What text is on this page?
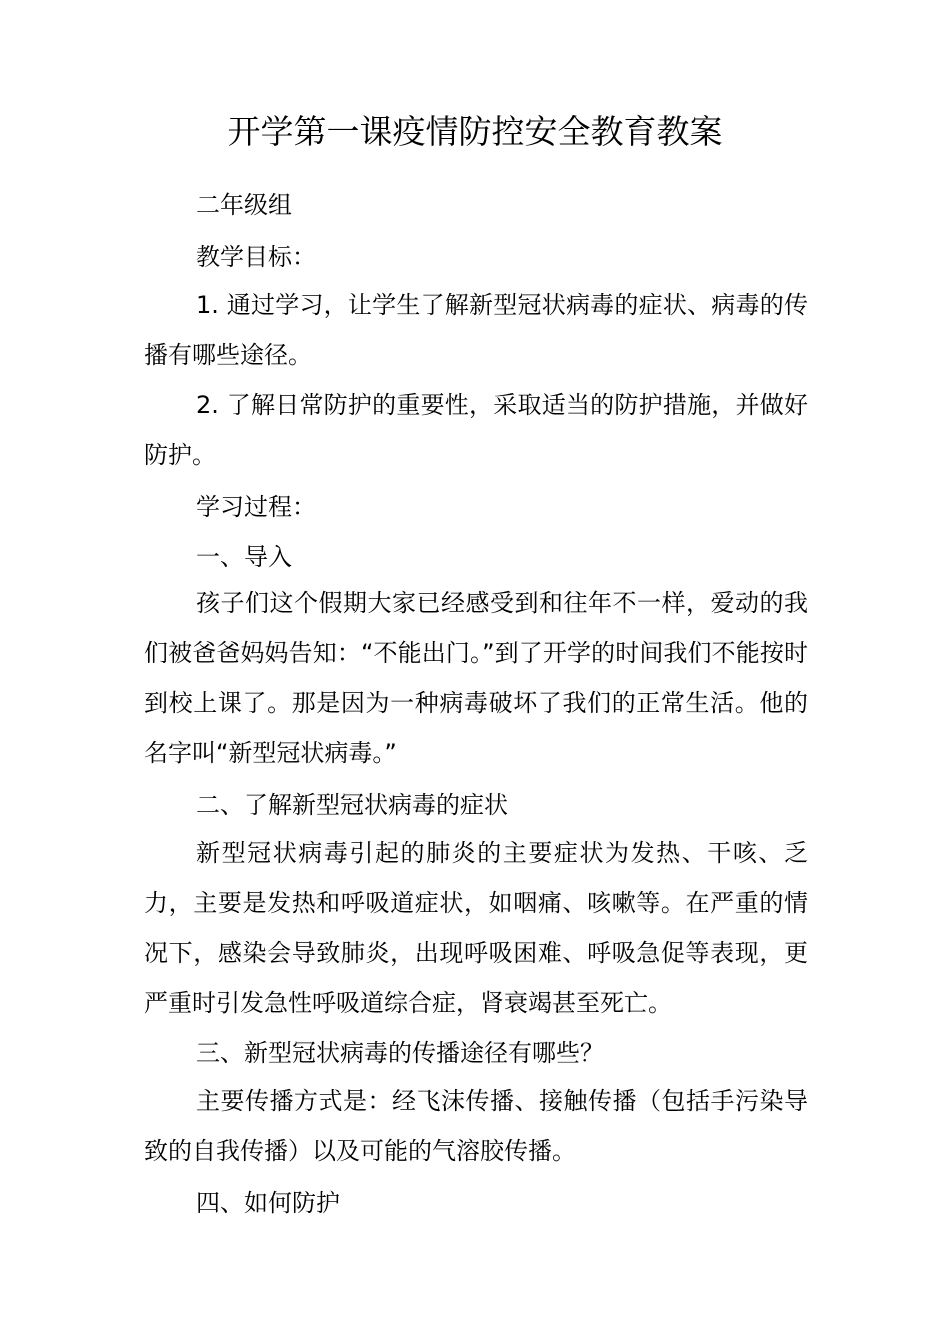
开学第一课疫情防控安全教育教案
二年级组
教学目标：
1. 通过学习，让学生了解新型冠状病毒的症状、病毒的传播有哪些途径。
2. 了解日常防护的重要性，采取适当的防护措施，并做好防护。
学习过程：
一、导入
孩子们这个假期大家已经感受到和往年不一样，爱动的我们被爸爸妈妈告知：“不能出门。”到了开学的时间我们不能按时到校上课了。那是因为一种病毒破坏了我们的正常生活。他的名字叫“新型冠状病毒。”
二、了解新型冠状病毒的症状
新型冠状病毒引起的肺炎的主要症状为发热、干咳、乏力，主要是发热和呼吸道症状，如咽痛、咳嗽等。在严重的情况下，感染会导致肺炎，出现呼吸困难、呼吸急促等表现，更严重时引发急性呼吸道综合症，肾衰竭甚至死亡。
三、新型冠状病毒的传播途径有哪些？
主要传播方式是：经飞沫传播、接触传播（包括手污染导致的自我传播）以及可能的气溶胶传播。
四、如何防护
